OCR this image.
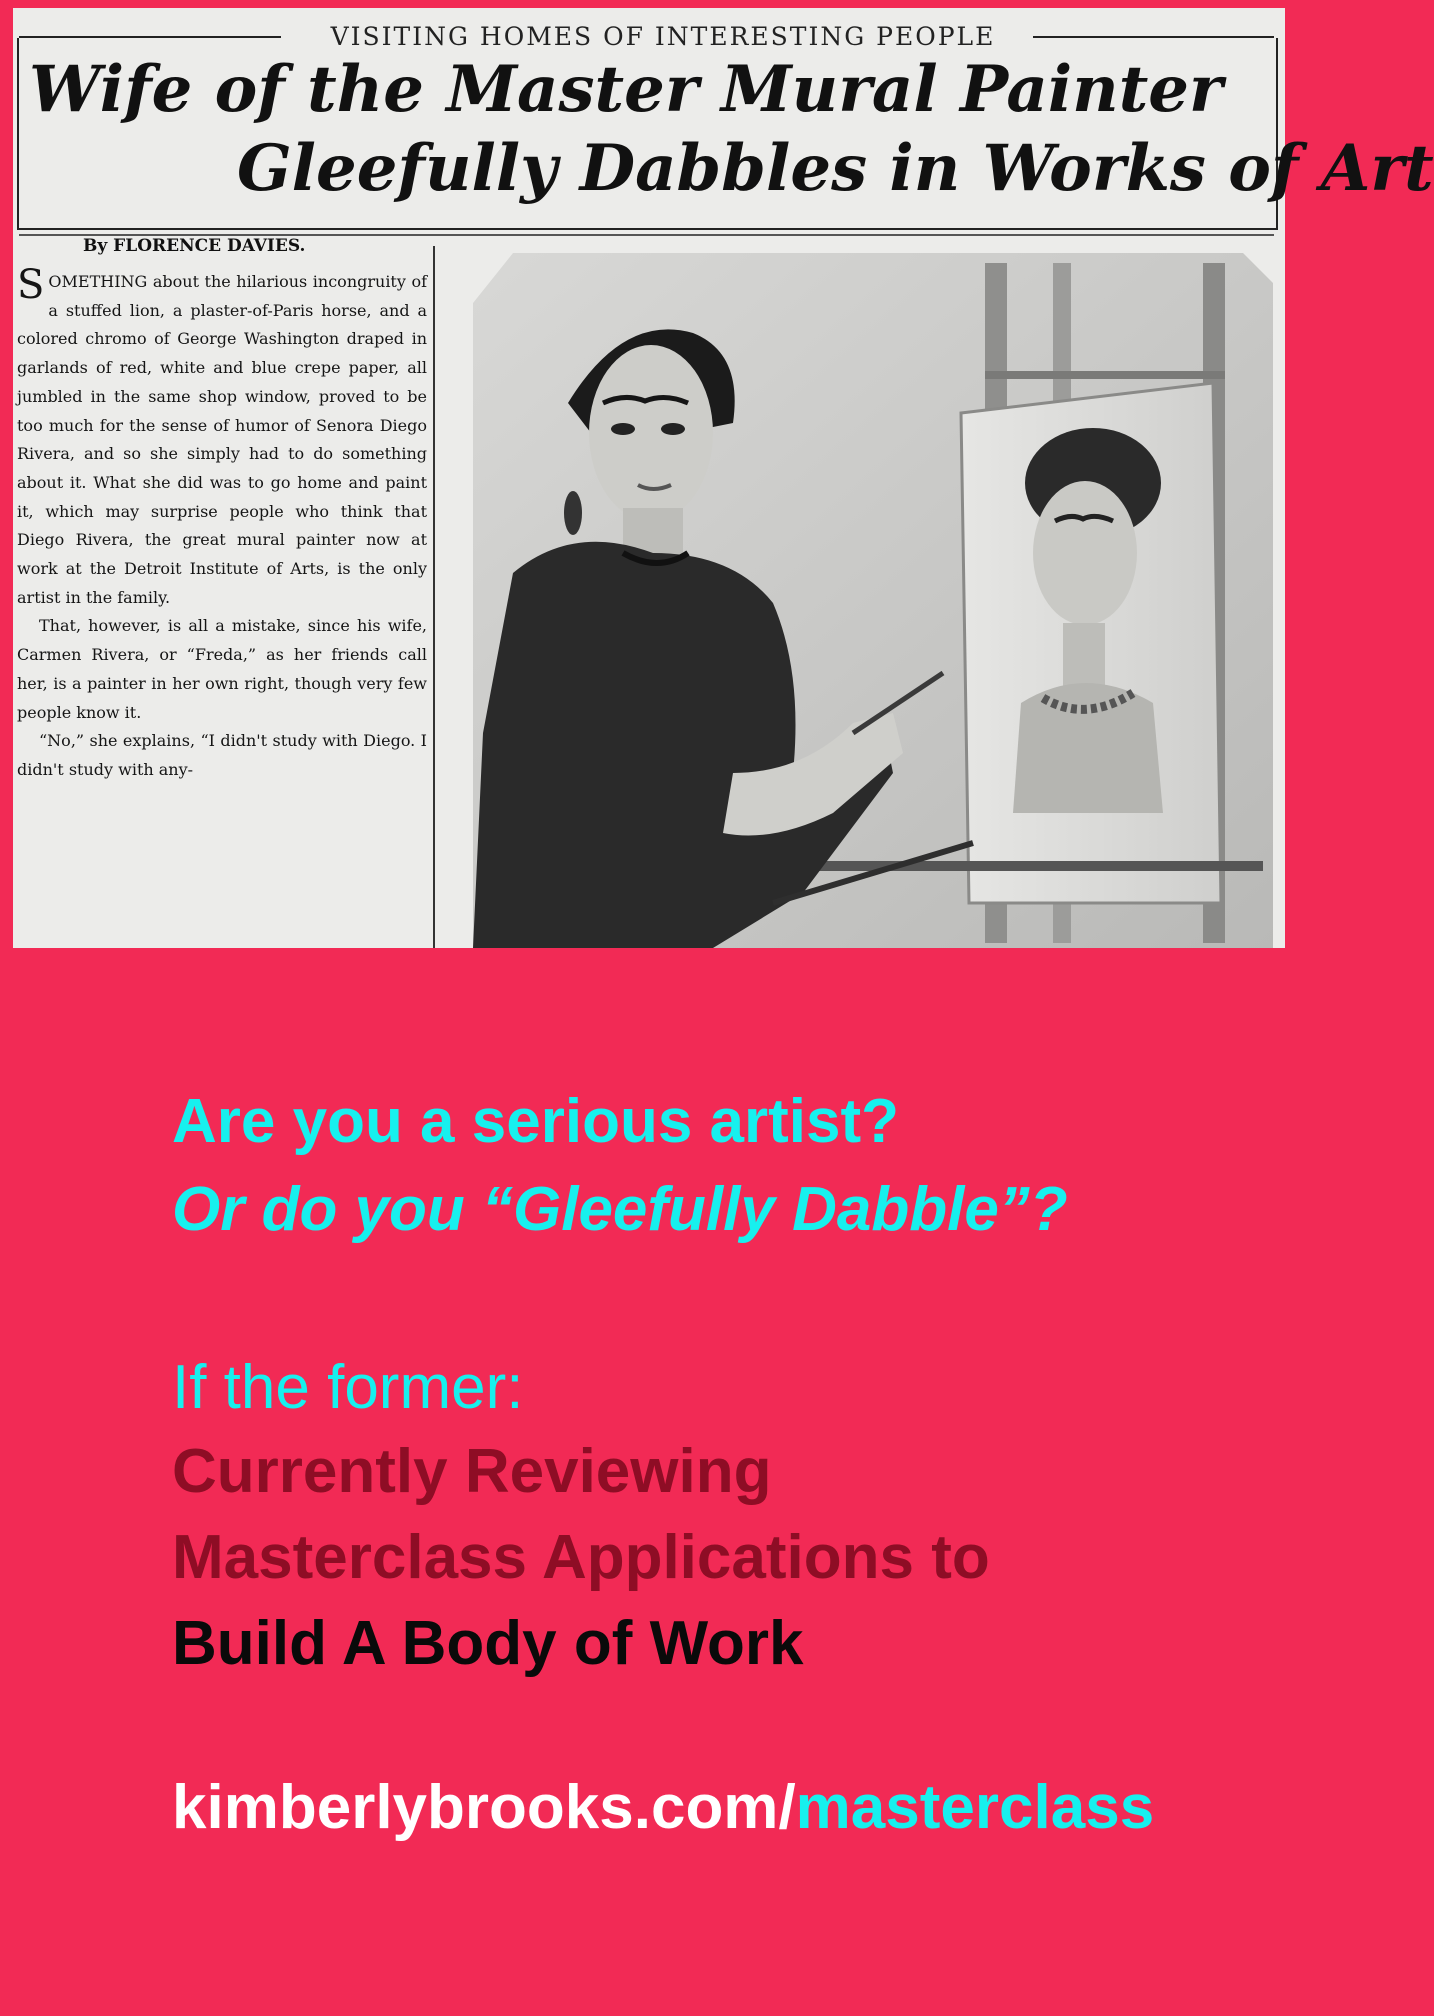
VISITING HOMES OF INTERESTING PEOPLE
Wife of the Master Mural Painter
Gleefully Dabbles in Works of Art
By FLORENCE DAVIES.

SOMETHING about the hilarious incongruity of a stuffed lion, a plaster-of-Paris horse, and a colored chromo of George Washington draped in garlands of red, white and blue crepe paper, all jumbled in the same shop window, proved to be too much for the sense of humor of Senora Diego Rivera, and so she simply had to do something about it. What she did was to go home and paint it, which may surprise people who think that Diego Rivera, the great mural painter now at work at the Detroit Institute of Arts, is the only artist in the family.

That, however, is all a mistake, since his wife, Carmen Rivera, or “Freda,” as her friends call her, is a painter in her own right, though very few people know it.

“No,” she explains, “I didn't study with Diego. I didn't study with any-

Are you a serious artist?
Or do you “Gleefully Dabble”?
If the former:
Currently Reviewing
Masterclass Applications to
Build A Body of Work
kimberlybrooks.com/masterclass
